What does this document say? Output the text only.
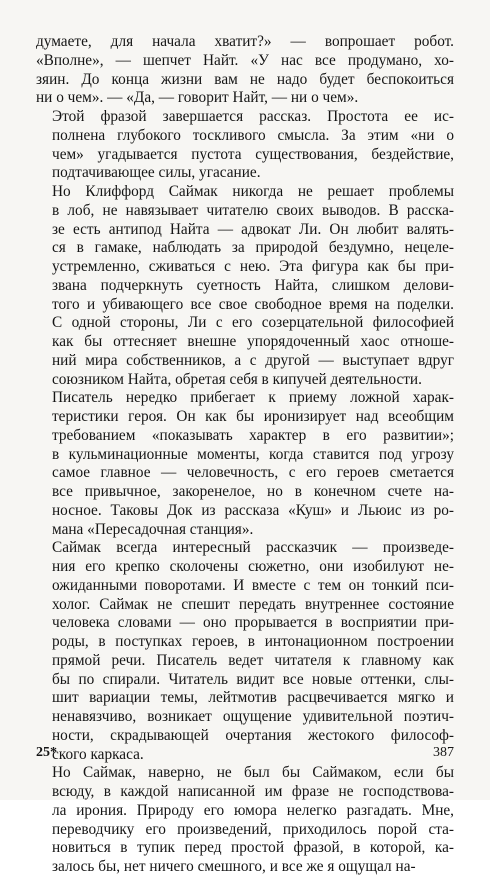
думаете, для начала хватит?» — вопрошает робот.
«Вполне», — шепчет Найт. «У нас все продумано, хо-
зяин. До конца жизни вам не надо будет беспокоиться
ни о чем». — «Да, — говорит Найт, — ни о чем».

Этой фразой завершается рассказ. Простота ее ис-
полнена глубокого тоскливого смысла. За этим «ни о
чем» угадывается пустота существования, бездействие,
подтачивающее силы, угасание.

Но Клиффорд Саймак никогда не решает проблемы
в лоб, не навязывает читателю своих выводов. В расска-
зе есть антипод Найта — адвокат Ли. Он любит валять-
ся в гамаке, наблюдать за природой бездумно, нецеле-
устремленно, сживаться с нею. Эта фигура как бы при-
звана подчеркнуть суетность Найта, слишком делови-
того и убивающего все свое свободное время на поделки.
С одной стороны, Ли с его созерцательной философией
как бы оттесняет внешне упорядоченный хаос отноше-
ний мира собственников, а с другой — выступает вдруг
союзником Найта, обретая себя в кипучей деятельности.

Писатель нередко прибегает к приему ложной харак-
теристики героя. Он как бы иронизирует над всеобщим
требованием «показывать характер в его развитии»;
в кульминационные моменты, когда ставится под угрозу
самое главное — человечность, с его героев сметается
все привычное, закоренелое, но в конечном счете на-
носное. Таковы Док из рассказа «Куш» и Льюис из ро-
мана «Пересадочная станция».

Саймак всегда интересный рассказчик — произведе-
ния его крепко сколочены сюжетно, они изобилуют не-
ожиданными поворотами. И вместе с тем он тонкий пси-
холог. Саймак не спешит передать внутреннее состояние
человека словами — оно прорывается в восприятии при-
роды, в поступках героев, в интонационном построении
прямой речи. Писатель ведет читателя к главному как
бы по спирали. Читатель видит все новые оттенки, слы-
шит вариации темы, лейтмотив расцвечивается мягко и
ненавязчиво, возникает ощущение удивительной поэтич-
ности, скрадывающей очертания жестокого философ-
ского каркаса.

Но Саймак, наверно, не был бы Саймаком, если бы
всюду, в каждой написанной им фразе не господствова-
ла ирония. Природу его юмора нелегко разгадать. Мне,
переводчику его произведений, приходилось порой ста-
новиться в тупик перед простой фразой, в которой, ка-
залось бы, нет ничего смешного, и все же я ощущал на-

25*	387
